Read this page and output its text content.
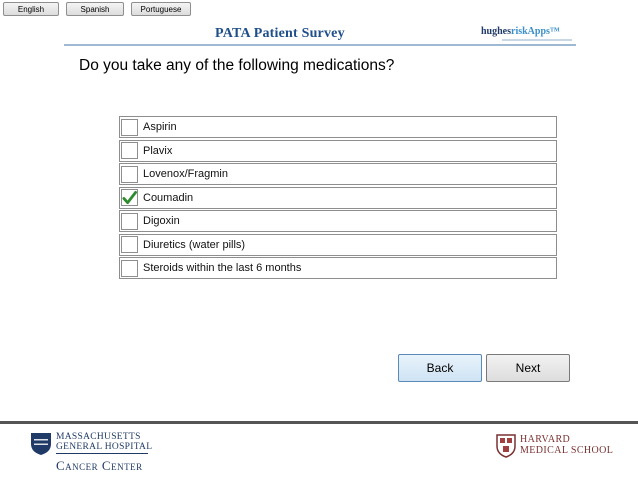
English	Spanish	Portuguese
PATA Patient Survey	hughesriskApps™
Do you take any of the following medications?
Aspirin
Plavix
Lovenox/Fragmin
Coumadin
Digoxin
Diuretics (water pills)
Steroids within the last 6 months
Back	Next
MASSACHUSETTS
GENERAL HOSPITAL
Cancer Center
HARVARD
MEDICAL SCHOOL
